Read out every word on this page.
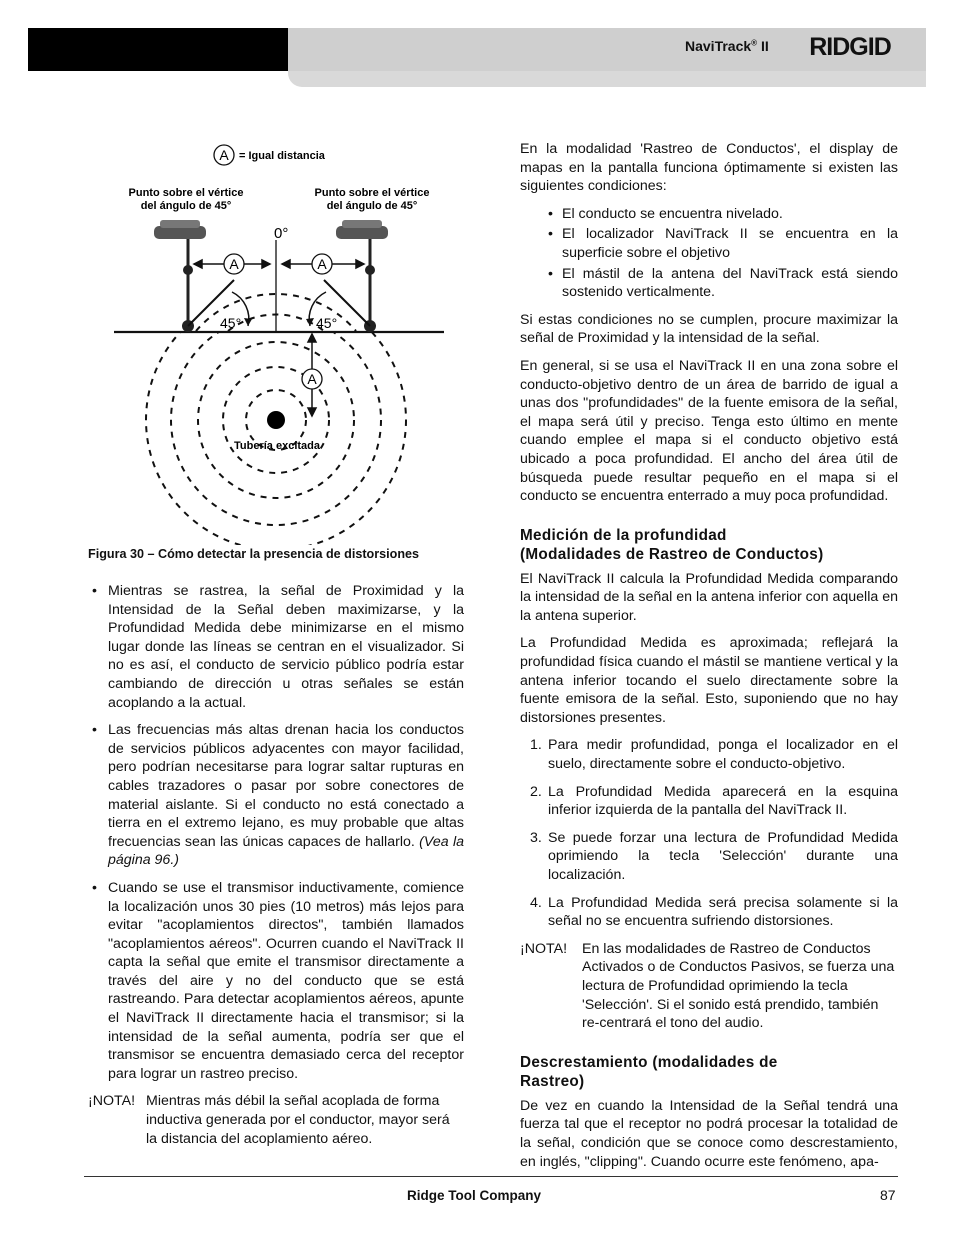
NaviTrack® II RIDGID
A = Igual distancia
Punto sobre el vértice
del ángulo de 45°
Punto sobre el vértice
del ángulo de 45°
0°
A	A
45°	45°
A
Tubería excitada
Figura 30 – Cómo detectar la presencia de distorsiones
• Mientras se rastrea, la señal de Proximidad y la Intensidad de la Señal deben maximizarse, y la Profundidad Medida debe minimizarse en el mismo lugar donde las líneas se centran en el visualizador. Si no es así, el conducto de servicio público podría estar cambiando de dirección u otras señales se están acoplando a la actual.
• Las frecuencias más altas drenan hacia los conductos de servicios públicos adyacentes con mayor facilidad, pero podrían necesitarse para lograr saltar rupturas en cables trazadores o pasar por sobre conectores de material aislante. Si el conducto no está conectado a tierra en el extremo lejano, es muy probable que altas frecuencias sean las únicas capaces de hallarlo. (Vea la página 96.)
• Cuando se use el transmisor inductivamente, comience la localización unos 30 pies (10 metros) más lejos para evitar "acoplamientos directos", también llamados "acoplamientos aéreos". Ocurren cuando el NaviTrack II capta la señal que emite el transmisor directamente a través del aire y no del conducto que se está rastreando. Para detectar acoplamientos aéreos, apunte el NaviTrack II directamente hacia el transmisor; si la intensidad de la señal aumenta, podría ser que el transmisor se encuentra demasiado cerca del receptor para lograr un rastreo preciso.
¡NOTA! Mientras más débil la señal acoplada de forma inductiva generada por el conductor, mayor será la distancia del acoplamiento aéreo.

En la modalidad 'Rastreo de Conductos', el display de mapas en la pantalla funciona óptimamente si existen las siguientes condiciones:

• El conducto se encuentra nivelado.
• El localizador NaviTrack II se encuentra en la superficie sobre el objetivo
• El mástil de la antena del NaviTrack está siendo sostenido verticalmente.

Si estas condiciones no se cumplen, procure maximizar la señal de Proximidad y la intensidad de la señal.

En general, si se usa el NaviTrack II en una zona sobre el conducto-objetivo dentro de un área de barrido de igual a unas dos "profundidades" de la fuente emisora de la señal, el mapa será útil y preciso. Tenga esto último en mente cuando emplee el mapa si el conducto objetivo está ubicado a poca profundidad. El ancho del área útil de búsqueda puede resultar pequeño en el mapa si el conducto se encuentra enterrado a muy poca profundidad.

Medición de la profundidad
(Modalidades de Rastreo de Conductos)

El NaviTrack II calcula la Profundidad Medida comparando la intensidad de la señal en la antena inferior con aquella en la antena superior.

La Profundidad Medida es aproximada; reflejará la profundidad física cuando el mástil se mantiene vertical y la antena inferior tocando el suelo directamente sobre la fuente emisora de la señal. Esto, suponiendo que no hay distorsiones presentes.

1. Para medir profundidad, ponga el localizador en el suelo, directamente sobre el conducto-objetivo.
2. La Profundidad Medida aparecerá en la esquina inferior izquierda de la pantalla del NaviTrack II.
3. Se puede forzar una lectura de Profundidad Medida oprimiendo la tecla 'Selección' durante una localización.
4. La Profundidad Medida será precisa solamente si la señal no se encuentra sufriendo distorsiones.
¡NOTA!	En las modalidades de Rastreo de Conductos Activados o de Conductos Pasivos, se fuerza una lectura de Profundidad oprimiendo la tecla 'Selección'. Si el sonido está prendido, también re-centrará el tono del audio.
Descrestamiento (modalidades de
Rastreo)

De vez en cuando la Intensidad de la Señal tendrá una fuerza tal que el receptor no podrá procesar la totalidad de la señal, condición que se conoce como descrestamiento, en inglés, "clipping". Cuando ocurre este fenómeno, apa-

Ridge Tool Company	87
